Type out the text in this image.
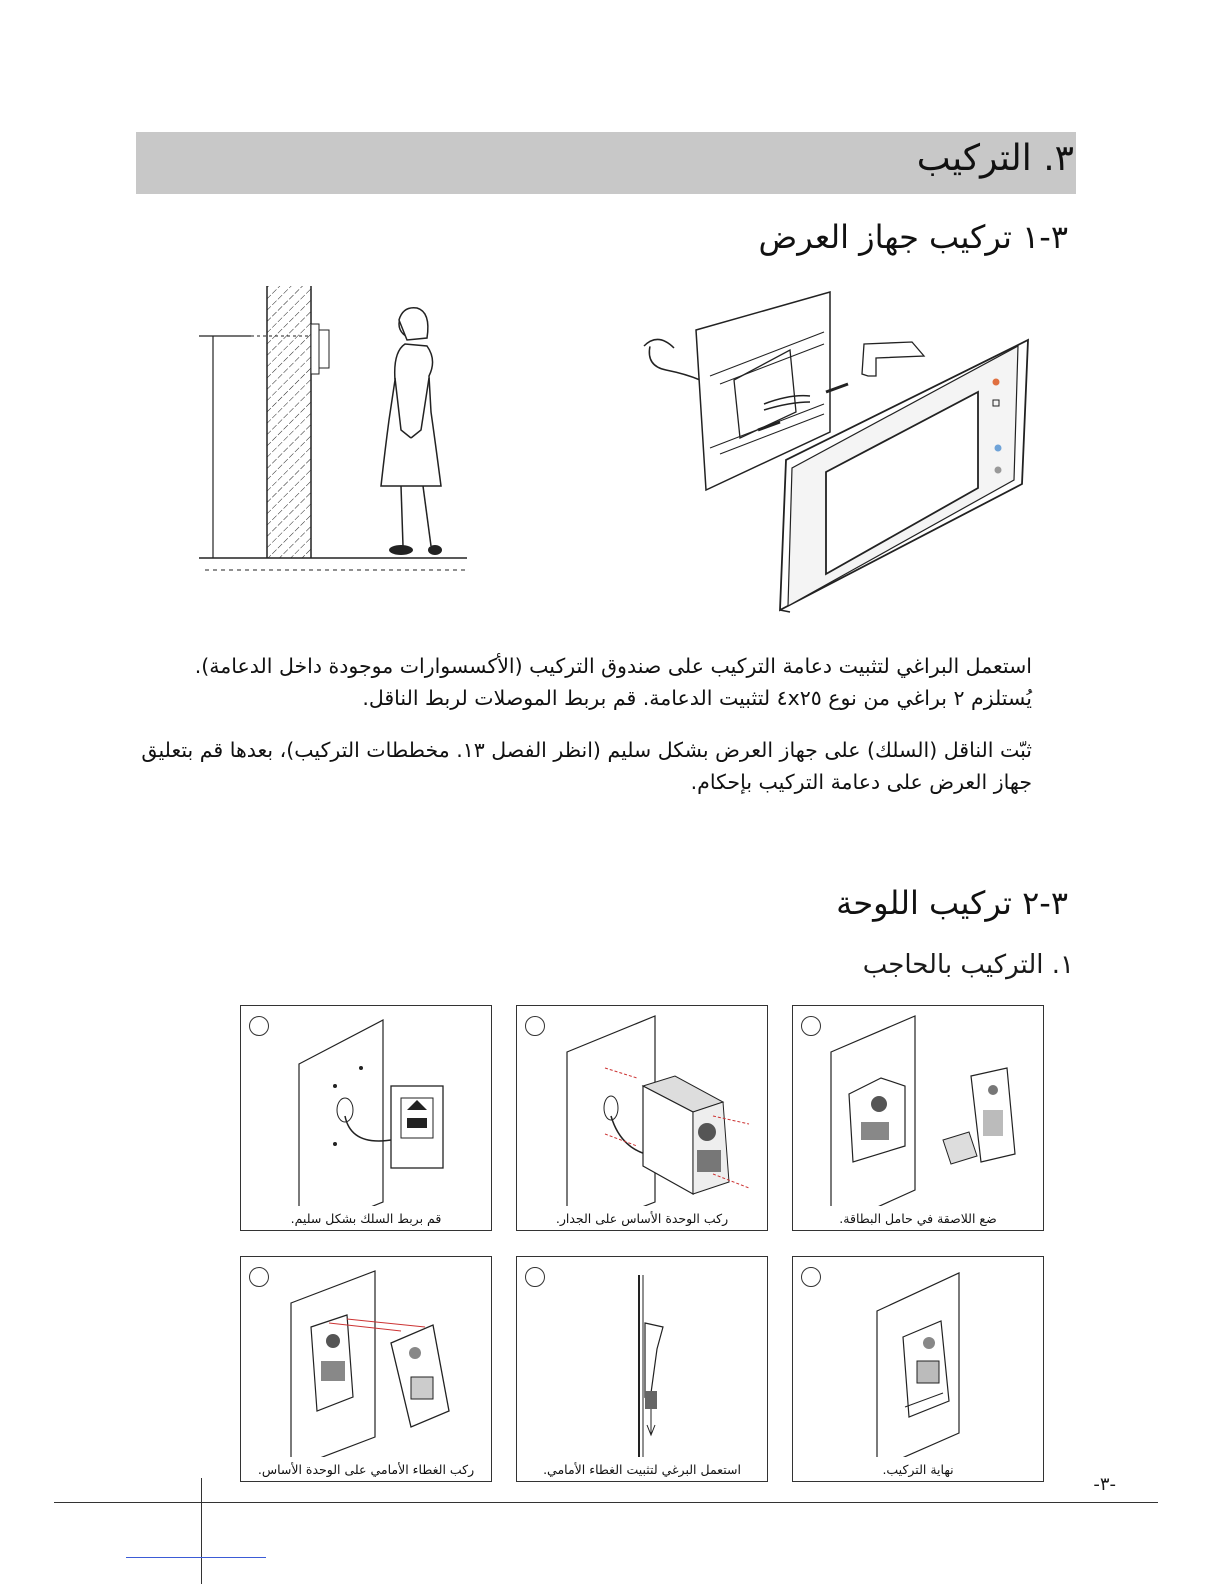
٣. التركيب
٣-١ تركيب جهاز العرض
استعمل البراغي لتثبيت دعامة التركيب على صندوق التركيب (الأكسسوارات موجودة داخل الدعامة). يُستلزم ٢ براغي من نوع ٤x٢٥ لتثبيت الدعامة. قم بربط الموصلات لربط الناقل.
ثبّت الناقل (السلك) على جهاز العرض بشكل سليم (انظر الفصل ١٣. مخططات التركيب)، بعدها قم بتعليق جهاز العرض على دعامة التركيب بإحكام.
٣-٢ تركيب اللوحة
١. التركيب بالحاجب
قم بربط السلك بشكل سليم.	ركب الوحدة الأساس على الجدار.	ضع اللاصقة في حامل البطاقة.
ركب الغطاء الأمامي على الوحدة الأساس.	استعمل البرغي لتثبيت الغطاء الأمامي.	نهاية التركيب.
-٣-
